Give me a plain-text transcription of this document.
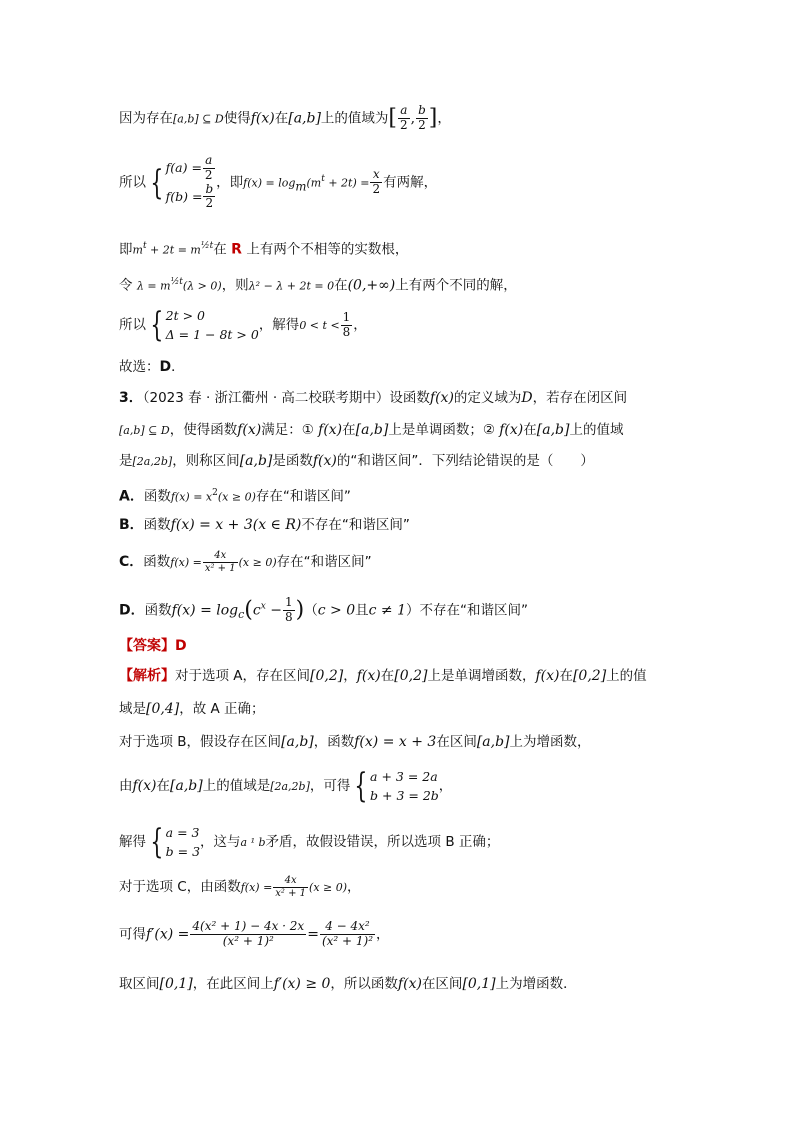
因为存在[a,b] ⊆ D使得f(x)在[a,b]上的值域为[ $\frac{a}{2}$ , $\frac{b}{2}$ ]，
所以 { $f(a) = \frac{a}{2}$
$f(b) = \frac{b}{2}$ ，即$f(x) = \log_m(m^t + 2t) = \frac{x}{2}$ 有两解，
即$m^t + 2t = m^{\frac{1}{2}t}$在 R 上有两个不相等的实数根，
令 $\lambda = m^{\frac{1}{2}t}(\lambda > 0)$，则λ² − λ + 2t = 0在(0,+∞)上有两个不同的解，
所以 { 2t > 0
Δ = 1 − 8t > 0
，解得$0 < t < \frac{1}{8}$ ，
故选：D．
3．（2023 春 · 浙江衢州 · 高二校联考期中）设函数f(x)的定义域为D，若存在闭区间
[a,b] ⊆ D，使得函数f(x)满足：① f(x)在[a,b]上是单调函数；② f(x)在[a,b]上的值域
是[2a,2b]，则称区间[a,b]是函数f(x)的“和谐区间”．下列结论错误的是（　　）
A．函数$f(x) = x^2(x \ge 0)$存在“和谐区间”
B．函数f(x) = x + 3(x ∈ R)不存在“和谐区间”
C．函数$f(x) = \frac{4x}{\text{x² + 1}} (x \ge 0)$存在“和谐区间”
D．函数$f(x) = \log_c(c^x - \frac{1}{8} )(c > 0$且c ≠ 1）不存在“和谐区间”
【答案】D
【解析】对于选项 A，存在区间[0,2]，f(x)在[0,2]上是单调增函数，f(x)在[0,2]上的值
域是[0,4]，故 A 正确；
对于选项 B，假设存在区间[a,b]，函数f(x) = x + 3在区间[a,b]上为增函数，
由f(x)在[a,b]上的值域是[2a,2b]，可得 { a + 3 = 2a
b + 3 = 2b
，
解得 { a = 3
b = 3
，这与a ¹ b矛盾，故假设错误，所以选项 B 正确；
对于选项 C，由函数$f(x) = \frac{4x}{\text{x² + 1}} (x \ge 0)$，
可得$f'(x) = \frac{\text{4(x² + 1) − 4x · 2x}}{\text{(x² + 1)²}} = \frac{\text{4 − 4x²}}{\text{(x² + 1)²}}$ ，
取区间[0,1]，在此区间上f′(x) ≥ 0，所以函数f(x)在区间[0,1]上为增函数．
